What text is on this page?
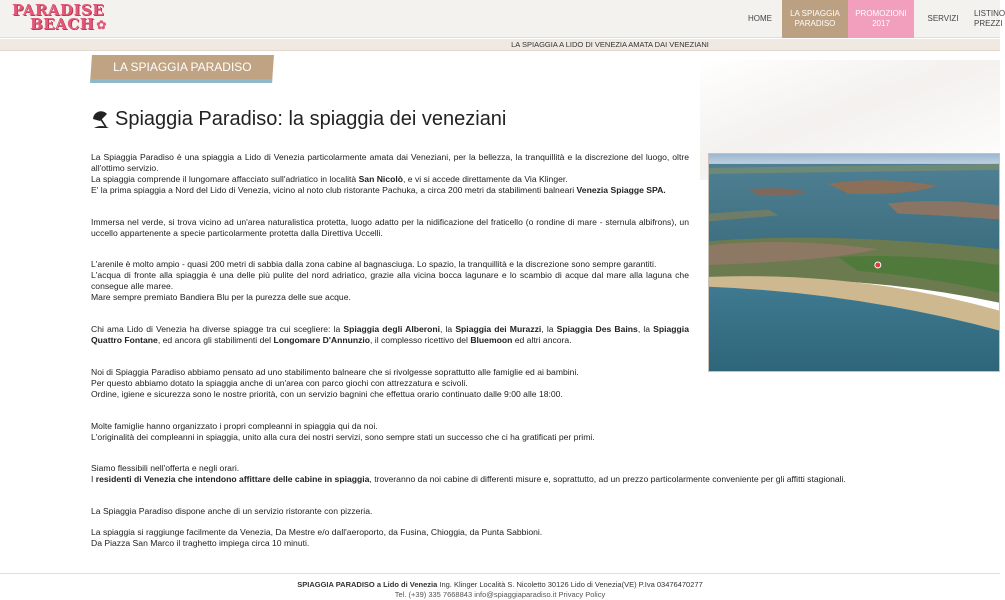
PARADISE
BEACH ✿	HOME
LA SPIAGGIA
PARADISO
PROMOZIONI
2017
SERVIZI
LISTINO
PREZZI
LA SPIAGGIA A LIDO DI VENEZIA AMATA DAI VENEZIANI
LA SPIAGGIA PARADISO
Spiaggia Paradiso: la spiaggia dei veneziani

La Spiaggia Paradiso è una spiaggia a Lido di Venezia particolarmente amata dai Veneziani, per la bellezza, la tranquillità e la discrezione del luogo, oltre all'ottimo servizio.

La spiaggia comprende il lungomare affacciato sull'adriatico in località San Nicolò, e vi si accede direttamente da Via Klinger.

E' la prima spiaggia a Nord del Lido di Venezia, vicino al noto club ristorante Pachuka, a circa 200 metri da stabilimenti balneari Venezia Spiagge SPA.

Immersa nel verde, si trova vicino ad un'area naturalistica protetta, luogo adatto per la nidificazione del fraticello (o rondine di mare - sternula albifrons), un uccello appartenente a specie particolarmente protetta dalla Direttiva Uccelli.

L'arenile è molto ampio - quasi 200 metri di sabbia dalla zona cabine al bagnasciuga. Lo spazio, la tranquillità e la discrezione sono sempre garantiti.

L'acqua di fronte alla spiaggia è una delle più pulite del nord adriatico, grazie alla vicina bocca lagunare e lo scambio di acque dal mare alla laguna che consegue alle maree.

Mare sempre premiato Bandiera Blu per la purezza delle sue acque.

Chi ama Lido di Venezia ha diverse spiagge tra cui scegliere: la Spiaggia degli Alberoni, la Spiaggia dei Murazzi, la Spiaggia Des Bains, la Spiaggia Quattro Fontane, ed ancora gli stabilimenti del Longomare D'Annunzio, il complesso ricettivo del Bluemoon ed altri ancora.

Noi di Spiaggia Paradiso abbiamo pensato ad uno stabilimento balneare che si rivolgesse soprattutto alle famiglie ed ai bambini.

Per questo abbiamo dotato la spiaggia anche di un'area con parco giochi con attrezzatura e scivoli.

Ordine, igiene e sicurezza sono le nostre priorità, con un servizio bagnini che effettua orario continuato dalle 9:00 alle 18:00.

Molte famiglie hanno organizzato i propri compleanni in spiaggia qui da noi.

L'originalità dei compleanni in spiaggia, unito alla cura dei nostri servizi, sono sempre stati un successo che ci ha gratificati per primi.

Siamo flessibili nell'offerta e negli orari.

I residenti di Venezia che intendono affittare delle cabine in spiaggia, troveranno da noi cabine di differenti misure e, soprattutto, ad un prezzo particolarmente conveniente per gli affitti stagionali.

La Spiaggia Paradiso dispone anche di un servizio ristorante con pizzeria.

La spiaggia si raggiunge facilmente da Venezia, Da Mestre e/o dall'aeroporto, da Fusina, Chioggia, da Punta Sabbioni.

Da Piazza San Marco il traghetto impiega circa 10 minuti.

SPIAGGIA PARADISO a Lido di Venezia Ing. Klinger Località S. Nicoletto 30126 Lido di Venezia(VE) P.Iva 03476470277
Tel. (+39) 335 7668843 info@spiaggiaparadiso.it Privacy Policy
